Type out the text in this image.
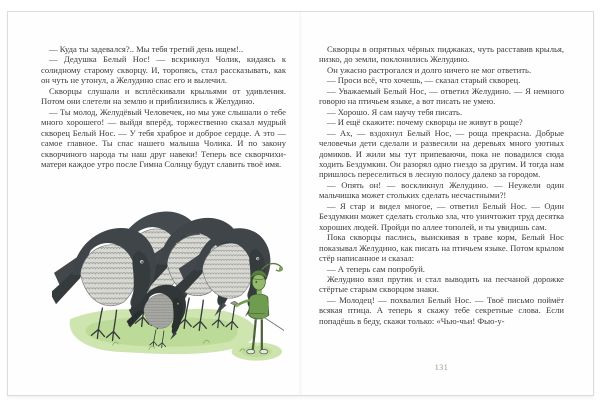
— Куда ты задевался?.. Мы тебя третий день ищем!..

— Дедушка Белый Нос! — вскрикнул Чолик, кидаясь к солидному старому скворцу. И, торопясь, стал рассказывать, как он чуть не утонул, а Желудино спас его и вылечил.

Скворцы слушали и всплёскивали крыльями от удивления. Потом они слетели на землю и приблизились к Желудино.

— Ты молод, Желудёвый Человечек, но мы уже слышали о тебе много хорошего! — выйдя вперёд, торжественно сказал мудрый скворец Белый Нос. — У тебя храброе и доброе сердце. А это — самое главное. Ты спас нашего малыша Чолика. И по закону скворчиного народа ты наш друг навеки! Теперь все скворчихи-матери каждое утро после Гимна Солнцу будут славить твоё имя.

Скворцы в опрятных чёрных пиджаках, чуть расставив крылья, низко, до земли, поклонились Желудино.

Он ужасно растрогался и долго ничего не мог ответить.

— Проси всё, что хочешь, — сказал старый скворец.

— Уважаемый Белый Нос, — ответил Желудино. — Я немного говорю на птичьем языке, а вот писать не умею.

— Хорошо. Я сам научу тебя писать.

— И ещё скажите: почему скворцы не живут в роще?

— Ах, — вздохнул Белый Нос, — роща прекрасна. Добрые человечьи дети сделали и развесили на деревьях много уютных домиков. И жили мы тут припеваючи, пока не повадился сюда ходить Бездумкин. Он разорял одно гнездо за другим. И тогда нам пришлось переселиться в лесную полосу далеко за городом.

— Опять он! — воскликнул Желудино. — Неужели один мальчишка может стольких сделать несчастными?!

— Я стар и видел многое, — ответил Белый Нос. — Один Бездумкин может сделать столько зла, что уничтожит труд десятка хороших людей. Пройди по аллее тополей, и ты увидишь сам.

Пока скворцы паслись, выискивая в траве корм, Белый Нос показывал Желудино, как писать на птичьем языке. Потом крылом стёр написанное и сказал:

— А теперь сам попробуй.

Желудино взял прутик и стал выводить на песчаной дорожке стёртые старым скворцом знаки.

— Молодец! — похвалил Белый Нос. — Твоё письмо поймёт всякая птица. А теперь я скажу тебе секретные слова. Если попадёшь в беду, скажи только: «Чью-чьи! Фью-у-

131
